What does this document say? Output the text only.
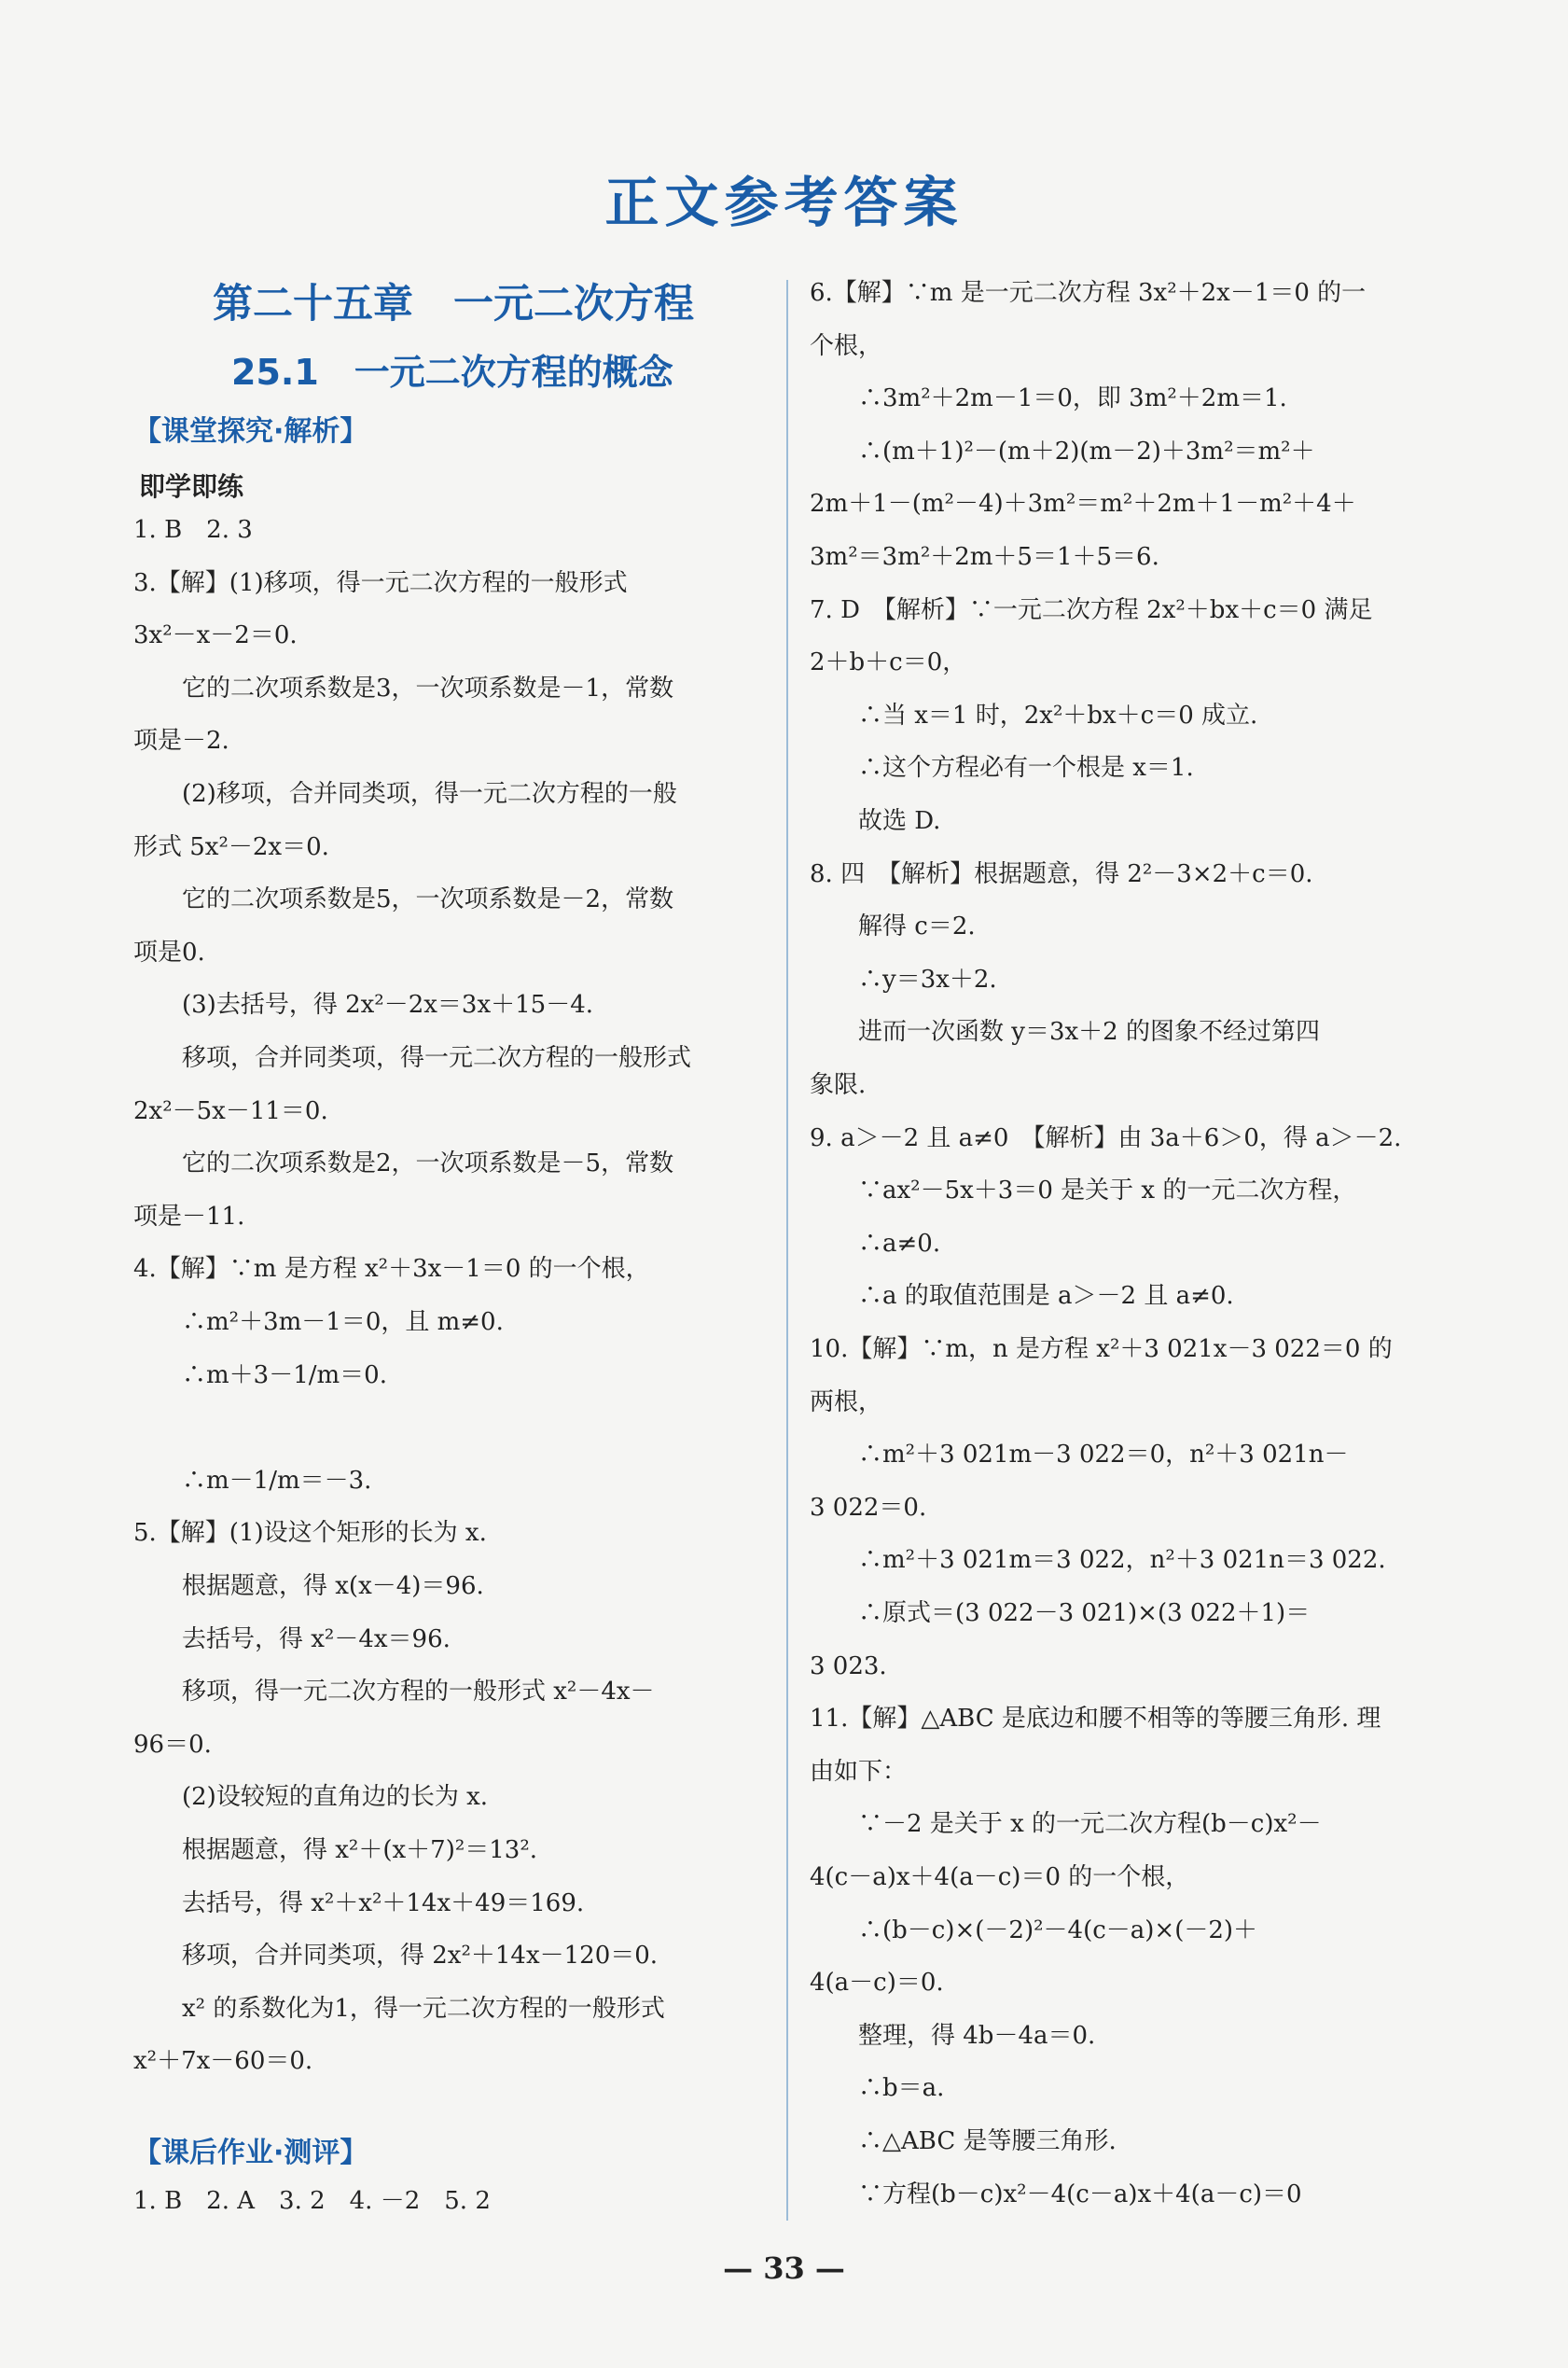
正文参考答案
第二十五章　一元二次方程
25.1　一元二次方程的概念
【课堂探究·解析】
即学即练
1. B　2. 3
3.【解】(1)移项，得一元二次方程的一般形式
3x²－x－2＝0.
　　它的二次项系数是3，一次项系数是－1，常数
项是－2.
　　(2)移项，合并同类项，得一元二次方程的一般
形式 5x²－2x＝0.
　　它的二次项系数是5，一次项系数是－2，常数
项是0.
　　(3)去括号，得 2x²－2x＝3x＋15－4.
　　移项，合并同类项，得一元二次方程的一般形式
2x²－5x－11＝0.
　　它的二次项系数是2，一次项系数是－5，常数
项是－11.
4.【解】∵m 是方程 x²＋3x－1＝0 的一个根，
　　∴m²＋3m－1＝0，且 m≠0.
　　∴m＋3－1/m＝0.
　　∴m－1/m＝－3.
5.【解】(1)设这个矩形的长为 x.
　　根据题意，得 x(x－4)＝96.
　　去括号，得 x²－4x＝96.
　　移项，得一元二次方程的一般形式 x²－4x－
96＝0.
　　(2)设较短的直角边的长为 x.
　　根据题意，得 x²＋(x＋7)²＝13².
　　去括号，得 x²＋x²＋14x＋49＝169.
　　移项，合并同类项，得 2x²＋14x－120＝0.
　　x² 的系数化为1，得一元二次方程的一般形式
x²＋7x－60＝0.
【课后作业·测评】
1. B　2. A　3. 2　4. －2　5. 2
6.【解】∵m 是一元二次方程 3x²＋2x－1＝0 的一
个根，
　　∴3m²＋2m－1＝0，即 3m²＋2m＝1.
　　∴(m＋1)²－(m＋2)(m－2)＋3m²＝m²＋
2m＋1－(m²－4)＋3m²＝m²＋2m＋1－m²＋4＋
3m²＝3m²＋2m＋5＝1＋5＝6.
7. D　【解析】∵一元二次方程 2x²＋bx＋c＝0 满足
2＋b＋c＝0，
　　∴当 x＝1 时，2x²＋bx＋c＝0 成立.
　　∴这个方程必有一个根是 x＝1.
　　故选 D.
8. 四　【解析】根据题意，得 2²－3×2＋c＝0.
　　解得 c＝2.
　　∴y＝3x＋2.
　　进而一次函数 y＝3x＋2 的图象不经过第四
象限.
9. a＞－2 且 a≠0　【解析】由 3a＋6＞0，得 a＞－2.
　　∵ax²－5x＋3＝0 是关于 x 的一元二次方程，
　　∴a≠0.
　　∴a 的取值范围是 a＞－2 且 a≠0.
10.【解】∵m，n 是方程 x²＋3 021x－3 022＝0 的
两根，
　　∴m²＋3 021m－3 022＝0，n²＋3 021n－
3 022＝0.
　　∴m²＋3 021m＝3 022，n²＋3 021n＝3 022.
　　∴原式＝(3 022－3 021)×(3 022＋1)＝
3 023.
11.【解】△ABC 是底边和腰不相等的等腰三角形. 理
由如下：
　　∵－2 是关于 x 的一元二次方程(b－c)x²－
4(c－a)x＋4(a－c)＝0 的一个根，
　　∴(b－c)×(－2)²－4(c－a)×(－2)＋
4(a－c)＝0.
　　整理，得 4b－4a＝0.
　　∴b＝a.
　　∴△ABC 是等腰三角形.
　　∵方程(b－c)x²－4(c－a)x＋4(a－c)＝0
— 33 —
